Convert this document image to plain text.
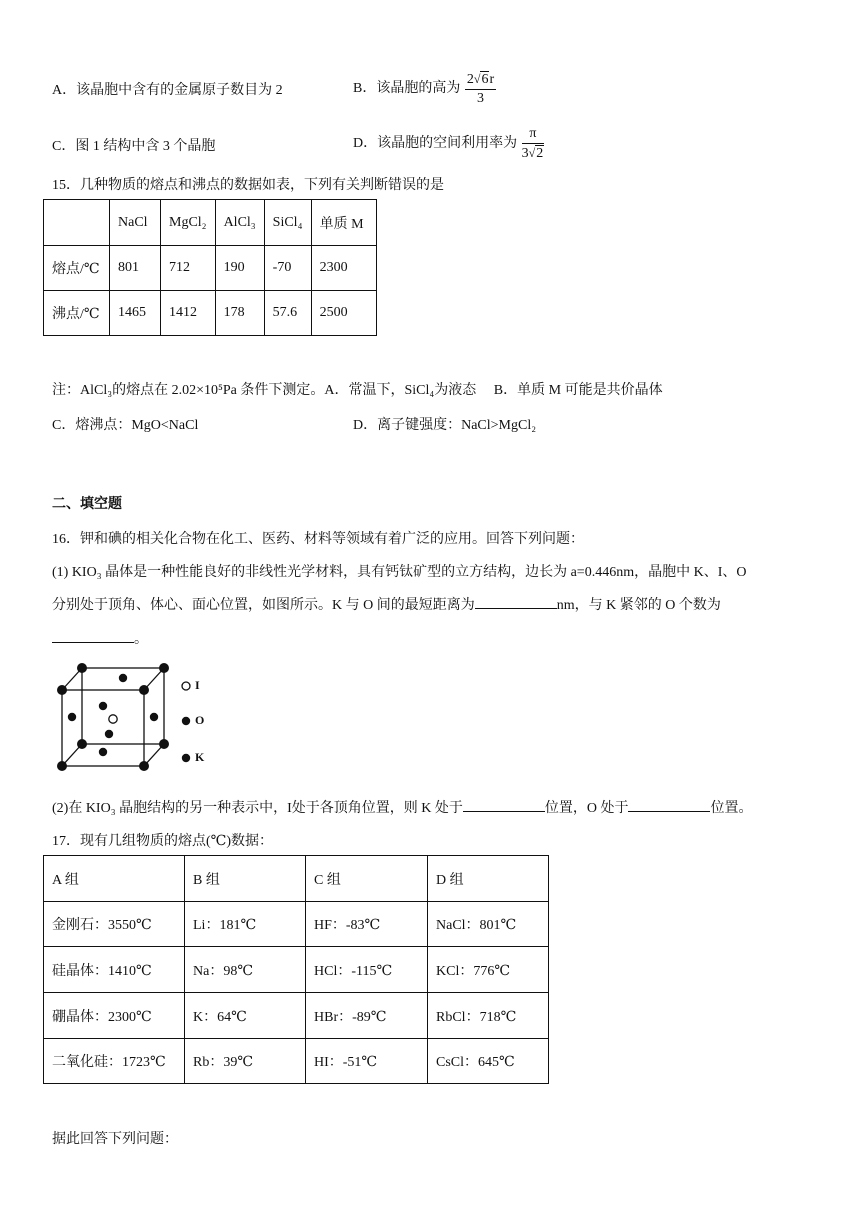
A．该晶胞中含有的金属原子数目为 2	B．该晶胞的高为 $\frac{2√6r}{3}$
C．图 1 结构中含 3 个晶胞	D．该晶胞的空间利用率为 $\frac{\pi}{3√2}$
15．几种物质的熔点和沸点的数据如表，下列有关判断错误的是
	NaCl	MgCl₂	AlCl₃	SiCl₄	单质 M
熔点/℃	801	712	190	-70	2300
沸点/℃	1465	1412	178	57.6	2500
注：AlCl₃的熔点在 2.02×10⁵Pa 条件下测定。A．常温下，SiCl₄为液态　 B．单质 M 可能是共价晶体
C．熔沸点：MgO<NaCl	D．离子键强度：NaCl>MgCl₂
二、填空题
16．钾和碘的相关化合物在化工、医药、材料等领域有着广泛的应用。回答下列问题：
(1) KIO₃ 晶体是一种性能良好的非线性光学材料，具有钙钛矿型的立方结构，边长为 a=0.446nm，晶胞中 K、I、O
分别处于顶角、体心、面心位置，如图所示。K 与 O 间的最短距离为	nm，与 K 紧邻的 O 个数为
。
I
O
K
(2)在 KIO₃ 晶胞结构的另一种表示中，I处于各顶角位置，则 K 处于	位置，O 处于	位置。
17．现有几组物质的熔点(℃)数据：
A 组	B 组	C 组	D 组
金刚石：3550℃	Li：181℃	HF：-83℃	NaCl：801℃
硅晶体：1410℃	Na：98℃	HCl：-115℃	KCl：776℃
硼晶体：2300℃	K：64℃	HBr：-89℃	RbCl：718℃
二氧化硅：1723℃	Rb：39℃	HI：-51℃	CsCl：645℃
据此回答下列问题：
